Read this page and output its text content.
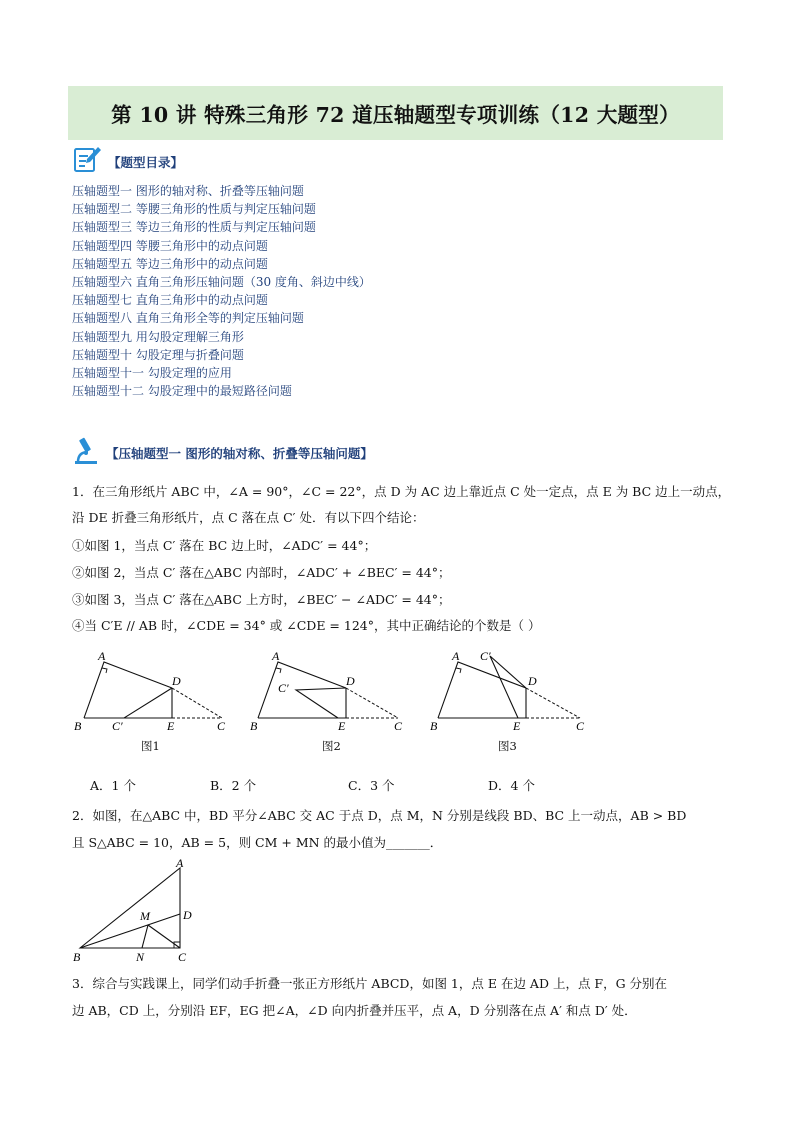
第 10 讲 特殊三角形 72 道压轴题型专项训练（12 大题型）
【题型目录】
压轴题型一 图形的轴对称、折叠等压轴问题
压轴题型二 等腰三角形的性质与判定压轴问题
压轴题型三 等边三角形的性质与判定压轴问题
压轴题型四 等腰三角形中的动点问题
压轴题型五 等边三角形中的动点问题
压轴题型六 直角三角形压轴问题（30 度角、斜边中线）
压轴题型七 直角三角形中的动点问题
压轴题型八 直角三角形全等的判定压轴问题
压轴题型九 用勾股定理解三角形
压轴题型十 勾股定理与折叠问题
压轴题型十一 勾股定理的应用
压轴题型十二 勾股定理中的最短路径问题
【压轴题型一 图形的轴对称、折叠等压轴问题】
1．在三角形纸片 ABC 中，∠A = 90°，∠C = 22°，点 D 为 AC 边上靠近点 C 处一定点，点 E 为 BC 边上一动点，
沿 DE 折叠三角形纸片，点 C 落在点 C′ 处．有以下四个结论：
①如图 1，当点 C′ 落在 BC 边上时，∠ADC′ = 44°；
②如图 2，当点 C′ 落在△ABC 内部时，∠ADC′ + ∠BEC′ = 44°；
③如图 3，当点 C′ 落在△ABC 上方时，∠BEC′ − ∠ADC′ = 44°；
④当 C′E // AB 时，∠CDE = 34° 或 ∠CDE = 124°，其中正确结论的个数是（ ）
A
B
D
C′	E	C
图1
A
B
D
C′
E	C
图2
A
B
D
C′
E	C
图3
A．1 个	B．2 个	C．3 个	D．4 个
2．如图，在△ABC 中，BD 平分∠ABC 交 AC 于点 D，点 M，N 分别是线段 BD、BC 上一动点，AB > BD
且 S△ABC = 10，AB = 5，则 CM + MN 的最小值为_______．
A
D
M
B	N	C
3．综合与实践课上，同学们动手折叠一张正方形纸片 ABCD，如图 1，点 E 在边 AD 上，点 F，G 分别在
边 AB，CD 上，分别沿 EF，EG 把∠A，∠D 向内折叠并压平，点 A，D 分别落在点 A′ 和点 D′ 处．
